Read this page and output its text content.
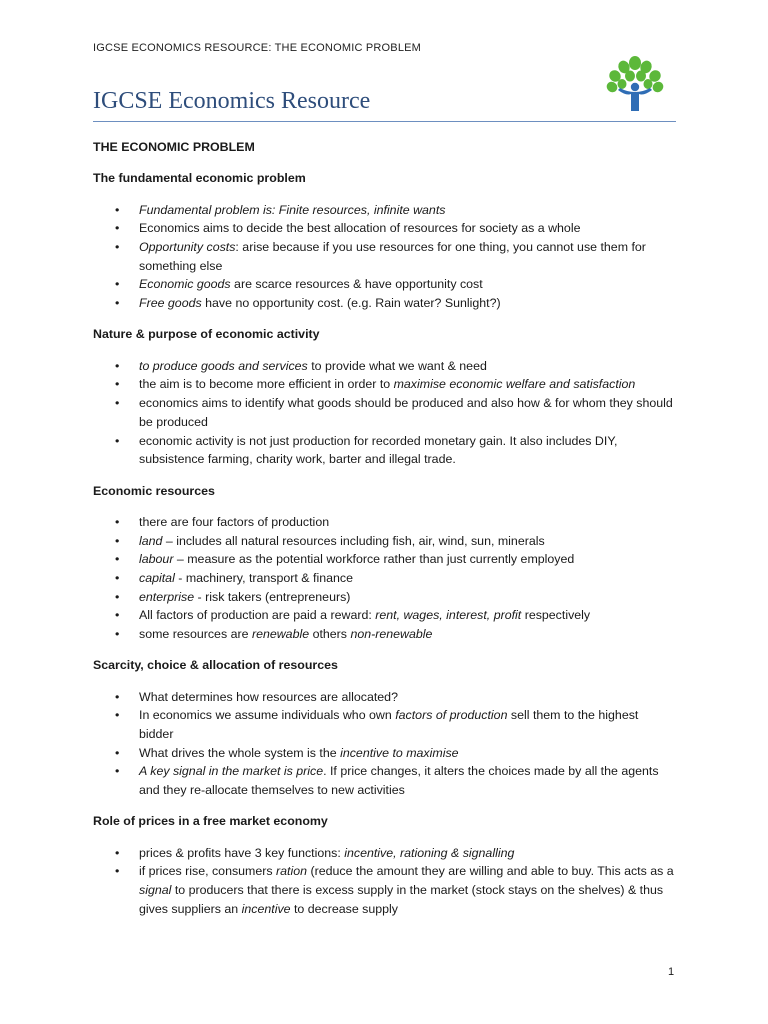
IGCSE ECONOMICS RESOURCE: THE ECONOMIC PROBLEM
IGCSE Economics Resource

THE ECONOMIC PROBLEM

The fundamental economic problem

• Fundamental problem is: Finite resources, infinite wants
• Economics aims to decide the best allocation of resources for society as a whole
• Opportunity costs: arise because if you use resources for one thing, you cannot use them for something else
• Economic goods are scarce resources & have opportunity cost
• Free goods have no opportunity cost. (e.g. Rain water? Sunlight?)

Nature & purpose of economic activity

• to produce goods and services to provide what we want & need
• the aim is to become more efficient in order to maximise economic welfare and satisfaction
• economics aims to identify what goods should be produced and also how & for whom they should be produced
• economic activity is not just production for recorded monetary gain. It also includes DIY, subsistence farming, charity work, barter and illegal trade.

Economic resources

• there are four factors of production
• land – includes all natural resources including fish, air, wind, sun, minerals
• labour – measure as the potential workforce rather than just currently employed
• capital - machinery, transport & finance
• enterprise - risk takers (entrepreneurs)
• All factors of production are paid a reward: rent, wages, interest, profit respectively
• some resources are renewable others non-renewable

Scarcity, choice & allocation of resources

• What determines how resources are allocated?
• In economics we assume individuals who own factors of production sell them to the highest bidder
• What drives the whole system is the incentive to maximise
• A key signal in the market is price. If price changes, it alters the choices made by all the agents and they re-allocate themselves to new activities

Role of prices in a free market economy

• prices & profits have 3 key functions: incentive, rationing & signalling
• if prices rise, consumers ration (reduce the amount they are willing and able to buy. This acts as a signal to producers that there is excess supply in the market (stock stays on the shelves) & thus gives suppliers an incentive to decrease supply
1
